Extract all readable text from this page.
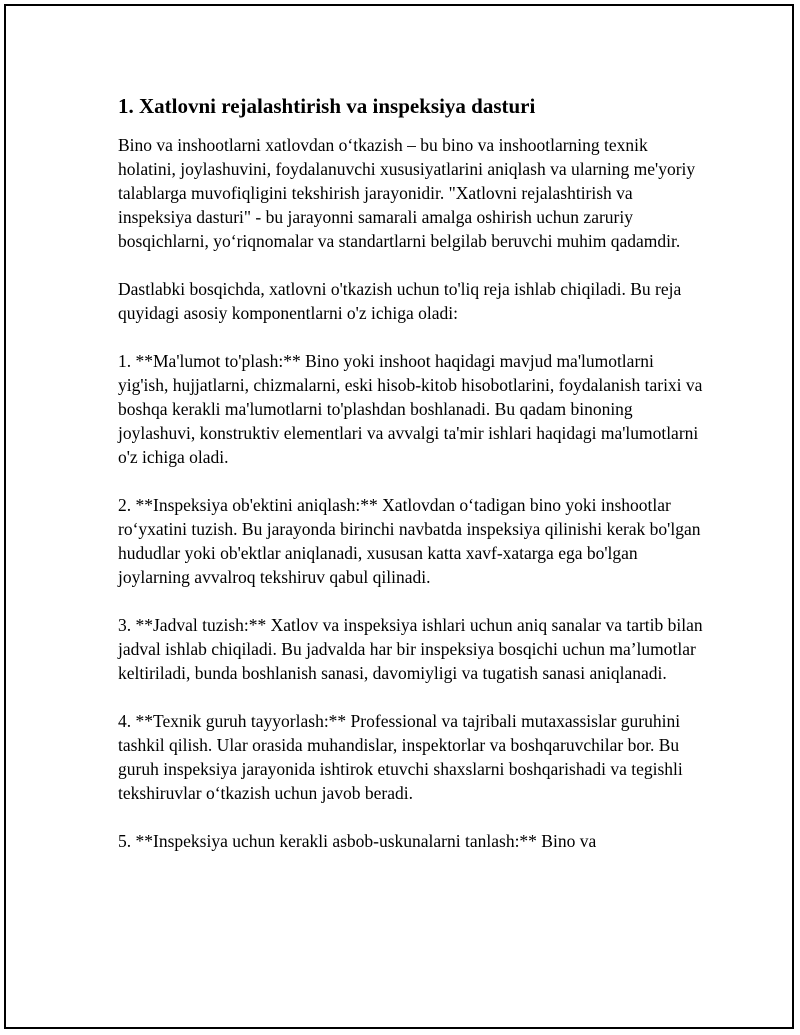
1. Xatlovni rejalashtirish va inspeksiya dasturi

Bino va inshootlarni xatlovdan o‘tkazish – bu bino va inshootlarning texnik holatini, joylashuvini, foydalanuvchi xususiyatlarini aniqlash va ularning me'yoriy talablarga muvofiqligini tekshirish jarayonidir. "Xatlovni rejalashtirish va inspeksiya dasturi" - bu jarayonni samarali amalga oshirish uchun zaruriy bosqichlarni, yo‘riqnomalar va standartlarni belgilab beruvchi muhim qadamdir.

Dastlabki bosqichda, xatlovni o'tkazish uchun to'liq reja ishlab chiqiladi. Bu reja quyidagi asosiy komponentlarni o'z ichiga oladi:

1. **Ma'lumot to'plash:** Bino yoki inshoot haqidagi mavjud ma'lumotlarni yig'ish, hujjatlarni, chizmalarni, eski hisob-kitob hisobotlarini, foydalanish tarixi va boshqa kerakli ma'lumotlarni to'plashdan boshlanadi. Bu qadam binoning joylashuvi, konstruktiv elementlari va avvalgi ta'mir ishlari haqidagi ma'lumotlarni o'z ichiga oladi.

2. **Inspeksiya ob'ektini aniqlash:** Xatlovdan o‘tadigan bino yoki inshootlar ro‘yxatini tuzish. Bu jarayonda birinchi navbatda inspeksiya qilinishi kerak bo'lgan hududlar yoki ob'ektlar aniqlanadi, xususan katta xavf-xatarga ega bo'lgan joylarning avvalroq tekshiruv qabul qilinadi.

3. **Jadval tuzish:** Xatlov va inspeksiya ishlari uchun aniq sanalar va tartib bilan jadval ishlab chiqiladi. Bu jadvalda har bir inspeksiya bosqichi uchun ma’lumotlar keltiriladi, bunda boshlanish sanasi, davomiyligi va tugatish sanasi aniqlanadi.

4. **Texnik guruh tayyorlash:** Professional va tajribali mutaxassislar guruhini tashkil qilish. Ular orasida muhandislar, inspektorlar va boshqaruvchilar bor. Bu guruh inspeksiya jarayonida ishtirok etuvchi shaxslarni boshqarishadi va tegishli tekshiruvlar o‘tkazish uchun javob beradi.

5. **Inspeksiya uchun kerakli asbob-uskunalarni tanlash:** Bino va
